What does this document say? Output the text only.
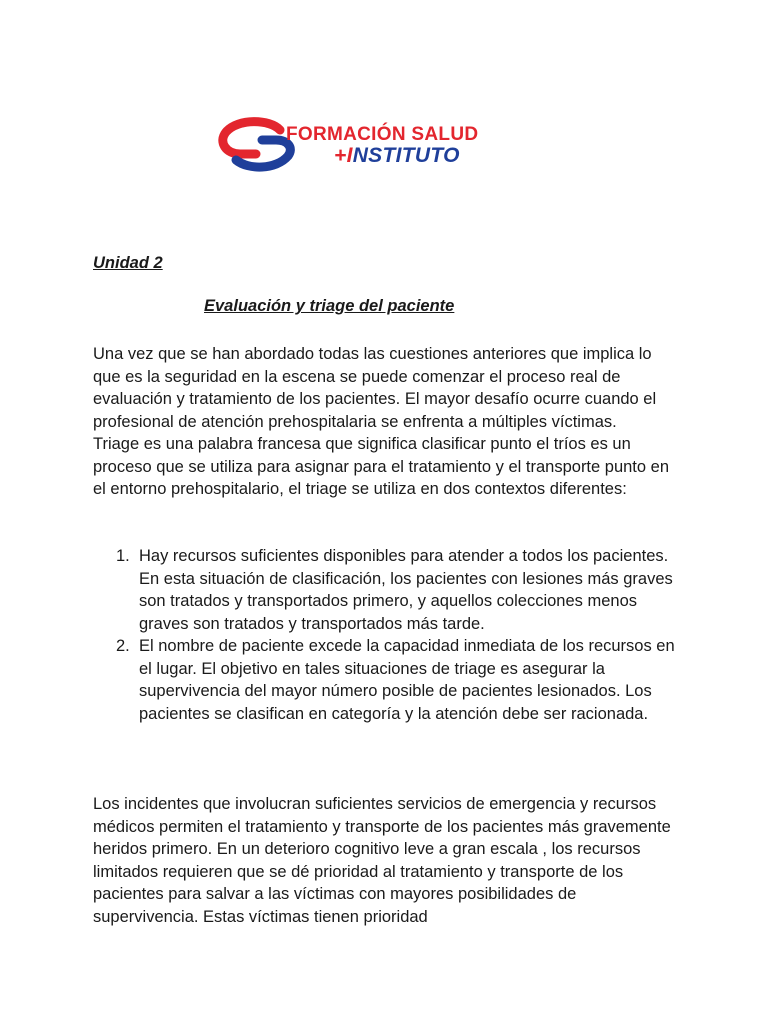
FORMACIÓN SALUD
+INSTITUTO
Unidad 2
Evaluación y triage del paciente

Una vez que se han abordado todas las cuestiones anteriores que implica lo que es la seguridad en la escena se puede comenzar el proceso real de evaluación y tratamiento de los pacientes. El mayor desafío ocurre cuando el profesional de atención prehospitalaria se enfrenta a múltiples víctimas.

Triage es una palabra francesa que significa clasificar punto el tríos es un proceso que se utiliza para asignar para el tratamiento y el transporte punto en el entorno prehospitalario, el triage se utiliza en dos contextos diferentes:

1. Hay recursos suficientes disponibles para atender a todos los pacientes. En esta situación de clasificación, los pacientes con lesiones más graves son tratados y transportados primero, y aquellos colecciones menos graves son tratados y transportados más tarde.
2. El nombre de paciente excede la capacidad inmediata de los recursos en el lugar. El objetivo en tales situaciones de triage es asegurar la supervivencia del mayor número posible de pacientes lesionados. Los pacientes se clasifican en categoría y la atención debe ser racionada.

Los incidentes que involucran suficientes servicios de emergencia y recursos médicos permiten el tratamiento y transporte de los pacientes más gravemente heridos primero. En un deterioro cognitivo leve a gran escala , los recursos limitados requieren que se dé prioridad al tratamiento y transporte de los pacientes para salvar a las víctimas con mayores posibilidades de supervivencia. Estas víctimas tienen prioridad
